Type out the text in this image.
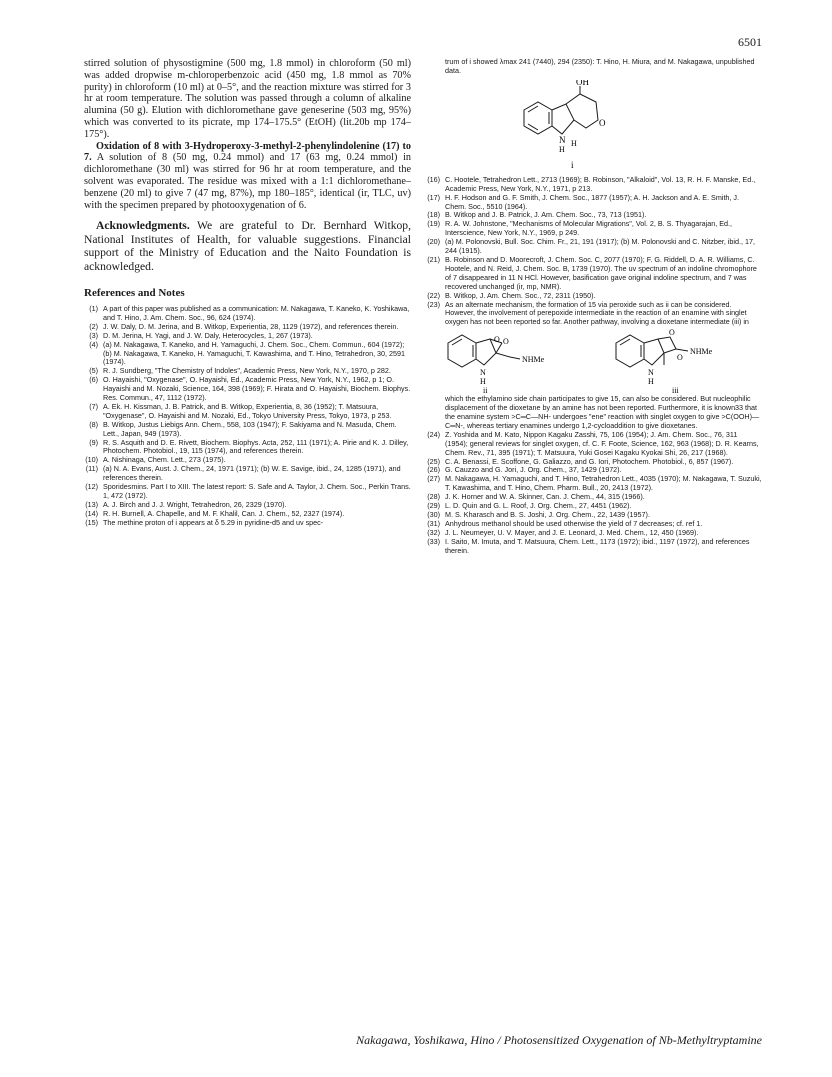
6501

stirred solution of physostigmine (500 mg, 1.8 mmol) in chloroform (50 ml) was added dropwise m-chloroperbenzoic acid (450 mg, 1.8 mmol as 70% purity) in chloroform (10 ml) at 0–5°, and the reaction mixture was stirred for 3 hr at room temperature. The solution was passed through a column of alkaline alumina (50 g). Elution with dichloromethane gave geneserine (503 mg, 95%) which was converted to its picrate, mp 174–175.5° (EtOH) (lit.20b mp 174–175°).

Oxidation of 8 with 3-Hydroperoxy-3-methyl-2-phenylindolenine (17) to 7. A solution of 8 (50 mg, 0.24 mmol) and 17 (63 mg, 0.24 mmol) in dichloromethane (30 ml) was stirred for 96 hr at room temperature, and the solvent was evaporated. The residue was mixed with a 1:1 dichloromethane–benzene (20 ml) to give 7 (47 mg, 87%), mp 180–185°, identical (ir, TLC, uv) with the specimen prepared by photooxygenation of 6.

Acknowledgments. We are grateful to Dr. Bernhard Witkop, National Institutes of Health, for valuable suggestions. Financial support of the Ministry of Education and the Naito Foundation is acknowledged.

References and Notes
(1) A part of this paper was published as a communication: M. Nakagawa, T. Kaneko, K. Yoshikawa, and T. Hino, J. Am. Chem. Soc., 96, 624 (1974).
(2) J. W. Daly, D. M. Jerina, and B. Witkop, Experientia, 28, 1129 (1972), and references therein.
(3) D. M. Jerina, H. Yagi, and J. W. Daly, Heterocycles, 1, 267 (1973).
(4) (a) M. Nakagawa, T. Kaneko, and H. Yamaguchi, J. Chem. Soc., Chem. Commun., 604 (1972); (b) M. Nakagawa, T. Kaneko, H. Yamaguchi, T. Kawashima, and T. Hino, Tetrahedron, 30, 2591 (1974).
(5) R. J. Sundberg, "The Chemistry of Indoles", Academic Press, New York, N.Y., 1970, p 282.
(6) O. Hayaishi, "Oxygenase", O. Hayaishi, Ed., Academic Press, New York, N.Y., 1962, p 1; O. Hayaishi and M. Nozaki, Science, 164, 398 (1969); F. Hirata and O. Hayaishi, Biochem. Biophys. Res. Commun., 47, 1112 (1972).
(7) A. Ek. H. Kissman, J. B. Patrick, and B. Witkop, Experientia, 8, 36 (1952); T. Matsuura, "Oxygenase", O. Hayaishi and M. Nozaki, Ed., Tokyo University Press, Tokyo, 1973, p 253.
(8) B. Witkop, Justus Liebigs Ann. Chem., 558, 103 (1947); F. Sakiyama and N. Masuda, Chem. Lett., Japan, 949 (1973).
(9) R. S. Asquith and D. E. Rivett, Biochem. Biophys. Acta, 252, 111 (1971); A. Pirie and K. J. Dilley, Photochem. Photobiol., 19, 115 (1974), and references therein.
(10) A. Nishinaga, Chem. Lett., 273 (1975).
(11) (a) N. A. Evans, Aust. J. Chem., 24, 1971 (1971); (b) W. E. Savige, ibid., 24, 1285 (1971), and references therein.
(12) Sporidesmins. Part I to XIII. The latest report: S. Safe and A. Taylor, J. Chem. Soc., Perkin Trans. 1, 472 (1972).
(13) A. J. Birch and J. J. Wright, Tetrahedron, 26, 2329 (1970).
(14) R. H. Burnell, A. Chapelle, and M. F. Khalil, Can. J. Chem., 52, 2327 (1974).
(15) The methine proton of i appears at δ 5.29 in pyridine-d5 and uv spec-
trum of i showed λmax 241 (7440), 294 (2350): T. Hino, H. Miura, and M. Nakagawa, unpublished data.
OH
O
N
H
H
i
(16) C. Hootele, Tetrahedron Lett., 2713 (1969); B. Robinson, "Alkaloid", Vol. 13, R. H. F. Manske, Ed., Academic Press, New York, N.Y., 1971, p 213.
(17) H. F. Hodson and G. F. Smith, J. Chem. Soc., 1877 (1957); A. H. Jackson and A. E. Smith, J. Chem. Soc., 5510 (1964).
(18) B. Witkop and J. B. Patrick, J. Am. Chem. Soc., 73, 713 (1951).
(19) R. A. W. Johnstone, "Mechanisms of Molecular Migrations", Vol. 2, B. S. Thyagarajan, Ed., Interscience, New York, N.Y., 1969, p 249.
(20) (a) M. Polonovski, Bull. Soc. Chim. Fr., 21, 191 (1917); (b) M. Polonovski and C. Nitzber, ibid., 17, 244 (1915).
(21) B. Robinson and D. Moorecroft, J. Chem. Soc. C, 2077 (1970); F. G. Riddell, D. A. R. Williams, C. Hootele, and N. Reid, J. Chem. Soc. B, 1739 (1970). The uv spectrum of an indoline chromophore of 7 disappeared in 11 N HCl. However, basification gave original indoline spectrum, and 7 was recovered unchanged (ir, mp, NMR).
(22) B. Witkop, J. Am. Chem. Soc., 72, 2311 (1950).
(23) As an alternate mechanism, the formation of 15 via peroxide such as ii can be considered. However, the involvement of perepoxide intermediate in the reaction of an enamine with singlet oxygen has not been reported so far. Another pathway, involving a dioxetane intermediate (iii) in
O O
N
H
NHMe
ii
O
O
N
H
NHMe
iii
which the ethylamino side chain participates to give 15, can also be considered. But nucleophilic displacement of the dioxetane by an amine has not been reported. Furthermore, it is known33 that the enamine system >C═C—NH- undergoes "ene" reaction with singlet oxygen to give >C(OOH)—C═N-, whereas tertiary enamines undergo 1,2-cycloaddition to give dioxetanes.
(24) Z. Yoshida and M. Kato, Nippon Kagaku Zasshi, 75, 106 (1954); J. Am. Chem. Soc., 76, 311 (1954); general reviews for singlet oxygen, cf. C. F. Foote, Science, 162, 963 (1968); D. R. Kearns, Chem. Rev., 71, 395 (1971); T. Matsuura, Yuki Gosei Kagaku Kyokai Shi, 26, 217 (1968).
(25) C. A. Benassi, E. Scoffone, G. Galiazzo, and G. Iori, Photochem. Photobiol., 6, 857 (1967).
(26) G. Cauzzo and G. Jori, J. Org. Chem., 37, 1429 (1972).
(27) M. Nakagawa, H. Yamaguchi, and T. Hino, Tetrahedron Lett., 4035 (1970); M. Nakagawa, T. Suzuki, T. Kawashima, and T. Hino, Chem. Pharm. Bull., 20, 2413 (1972).
(28) J. K. Horner and W. A. Skinner, Can. J. Chem., 44, 315 (1966).
(29) L. D. Quin and G. L. Roof, J. Org. Chem., 27, 4451 (1962).
(30) M. S. Kharasch and B. S. Joshi, J. Org. Chem., 22, 1439 (1957).
(31) Anhydrous methanol should be used otherwise the yield of 7 decreases; cf. ref 1.
(32) J. L. Neumeyer, U. V. Mayer, and J. E. Leonard, J. Med. Chem., 12, 450 (1969).
(33) I. Saito, M. Imuta, and T. Matsuura, Chem. Lett., 1173 (1972); ibid., 1197 (1972), and references therein.
Nakagawa, Yoshikawa, Hino / Photosensitized Oxygenation of Nb-Methyltryptamine
